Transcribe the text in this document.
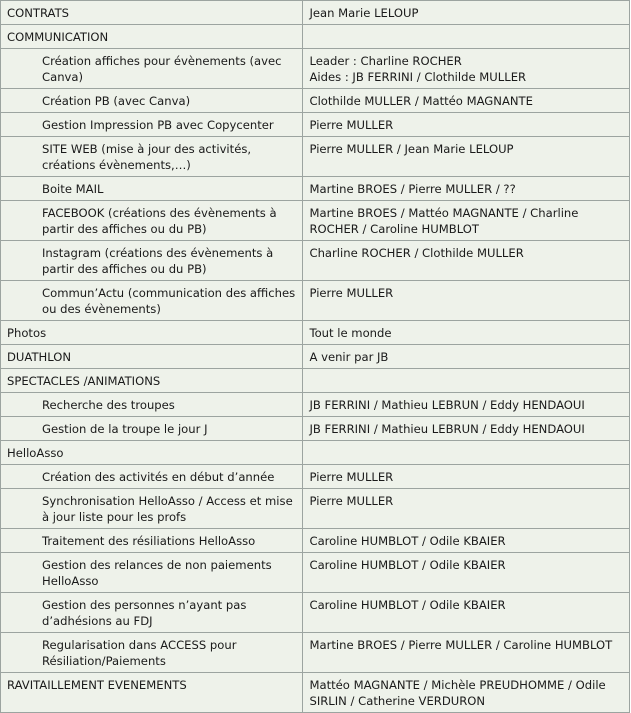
CONTRATS	Jean Marie LELOUP
COMMUNICATION	
Création affiches pour évènements (avec Canva)	Leader : Charline ROCHER
Aides : JB FERRINI / Clothilde MULLER
Création PB (avec Canva)	Clothilde MULLER / Mattéo MAGNANTE
Gestion Impression PB avec Copycenter	Pierre MULLER
SITE WEB (mise à jour des activités, créations évènements,…)	Pierre MULLER / Jean Marie LELOUP
Boite MAIL	Martine BROES / Pierre MULLER / ??
FACEBOOK (créations des évènements à partir des affiches ou du PB)	Martine BROES / Mattéo MAGNANTE / Charline ROCHER / Caroline HUMBLOT
Instagram (créations des évènements à partir des affiches ou du PB)	Charline ROCHER / Clothilde MULLER
Commun’Actu (communication des affiches ou des évènements)	Pierre MULLER
Photos	Tout le monde
DUATHLON	A venir par JB
SPECTACLES /ANIMATIONS	
Recherche des troupes	JB FERRINI / Mathieu LEBRUN / Eddy HENDAOUI
Gestion de la troupe le jour J	JB FERRINI / Mathieu LEBRUN / Eddy HENDAOUI
HelloAsso	
Création des activités en début d’année	Pierre MULLER
Synchronisation HelloAsso / Access et mise à jour liste pour les profs	Pierre MULLER
Traitement des résiliations HelloAsso	Caroline HUMBLOT / Odile KBAIER
Gestion des relances de non paiements HelloAsso	Caroline HUMBLOT / Odile KBAIER
Gestion des personnes n’ayant pas d’adhésions au FDJ	Caroline HUMBLOT / Odile KBAIER
Regularisation dans ACCESS pour Résiliation/Paiements	Martine BROES / Pierre MULLER / Caroline HUMBLOT
RAVITAILLEMENT EVENEMENTS	Mattéo MAGNANTE / Michèle PREUDHOMME / Odile SIRLIN / Catherine VERDURON
